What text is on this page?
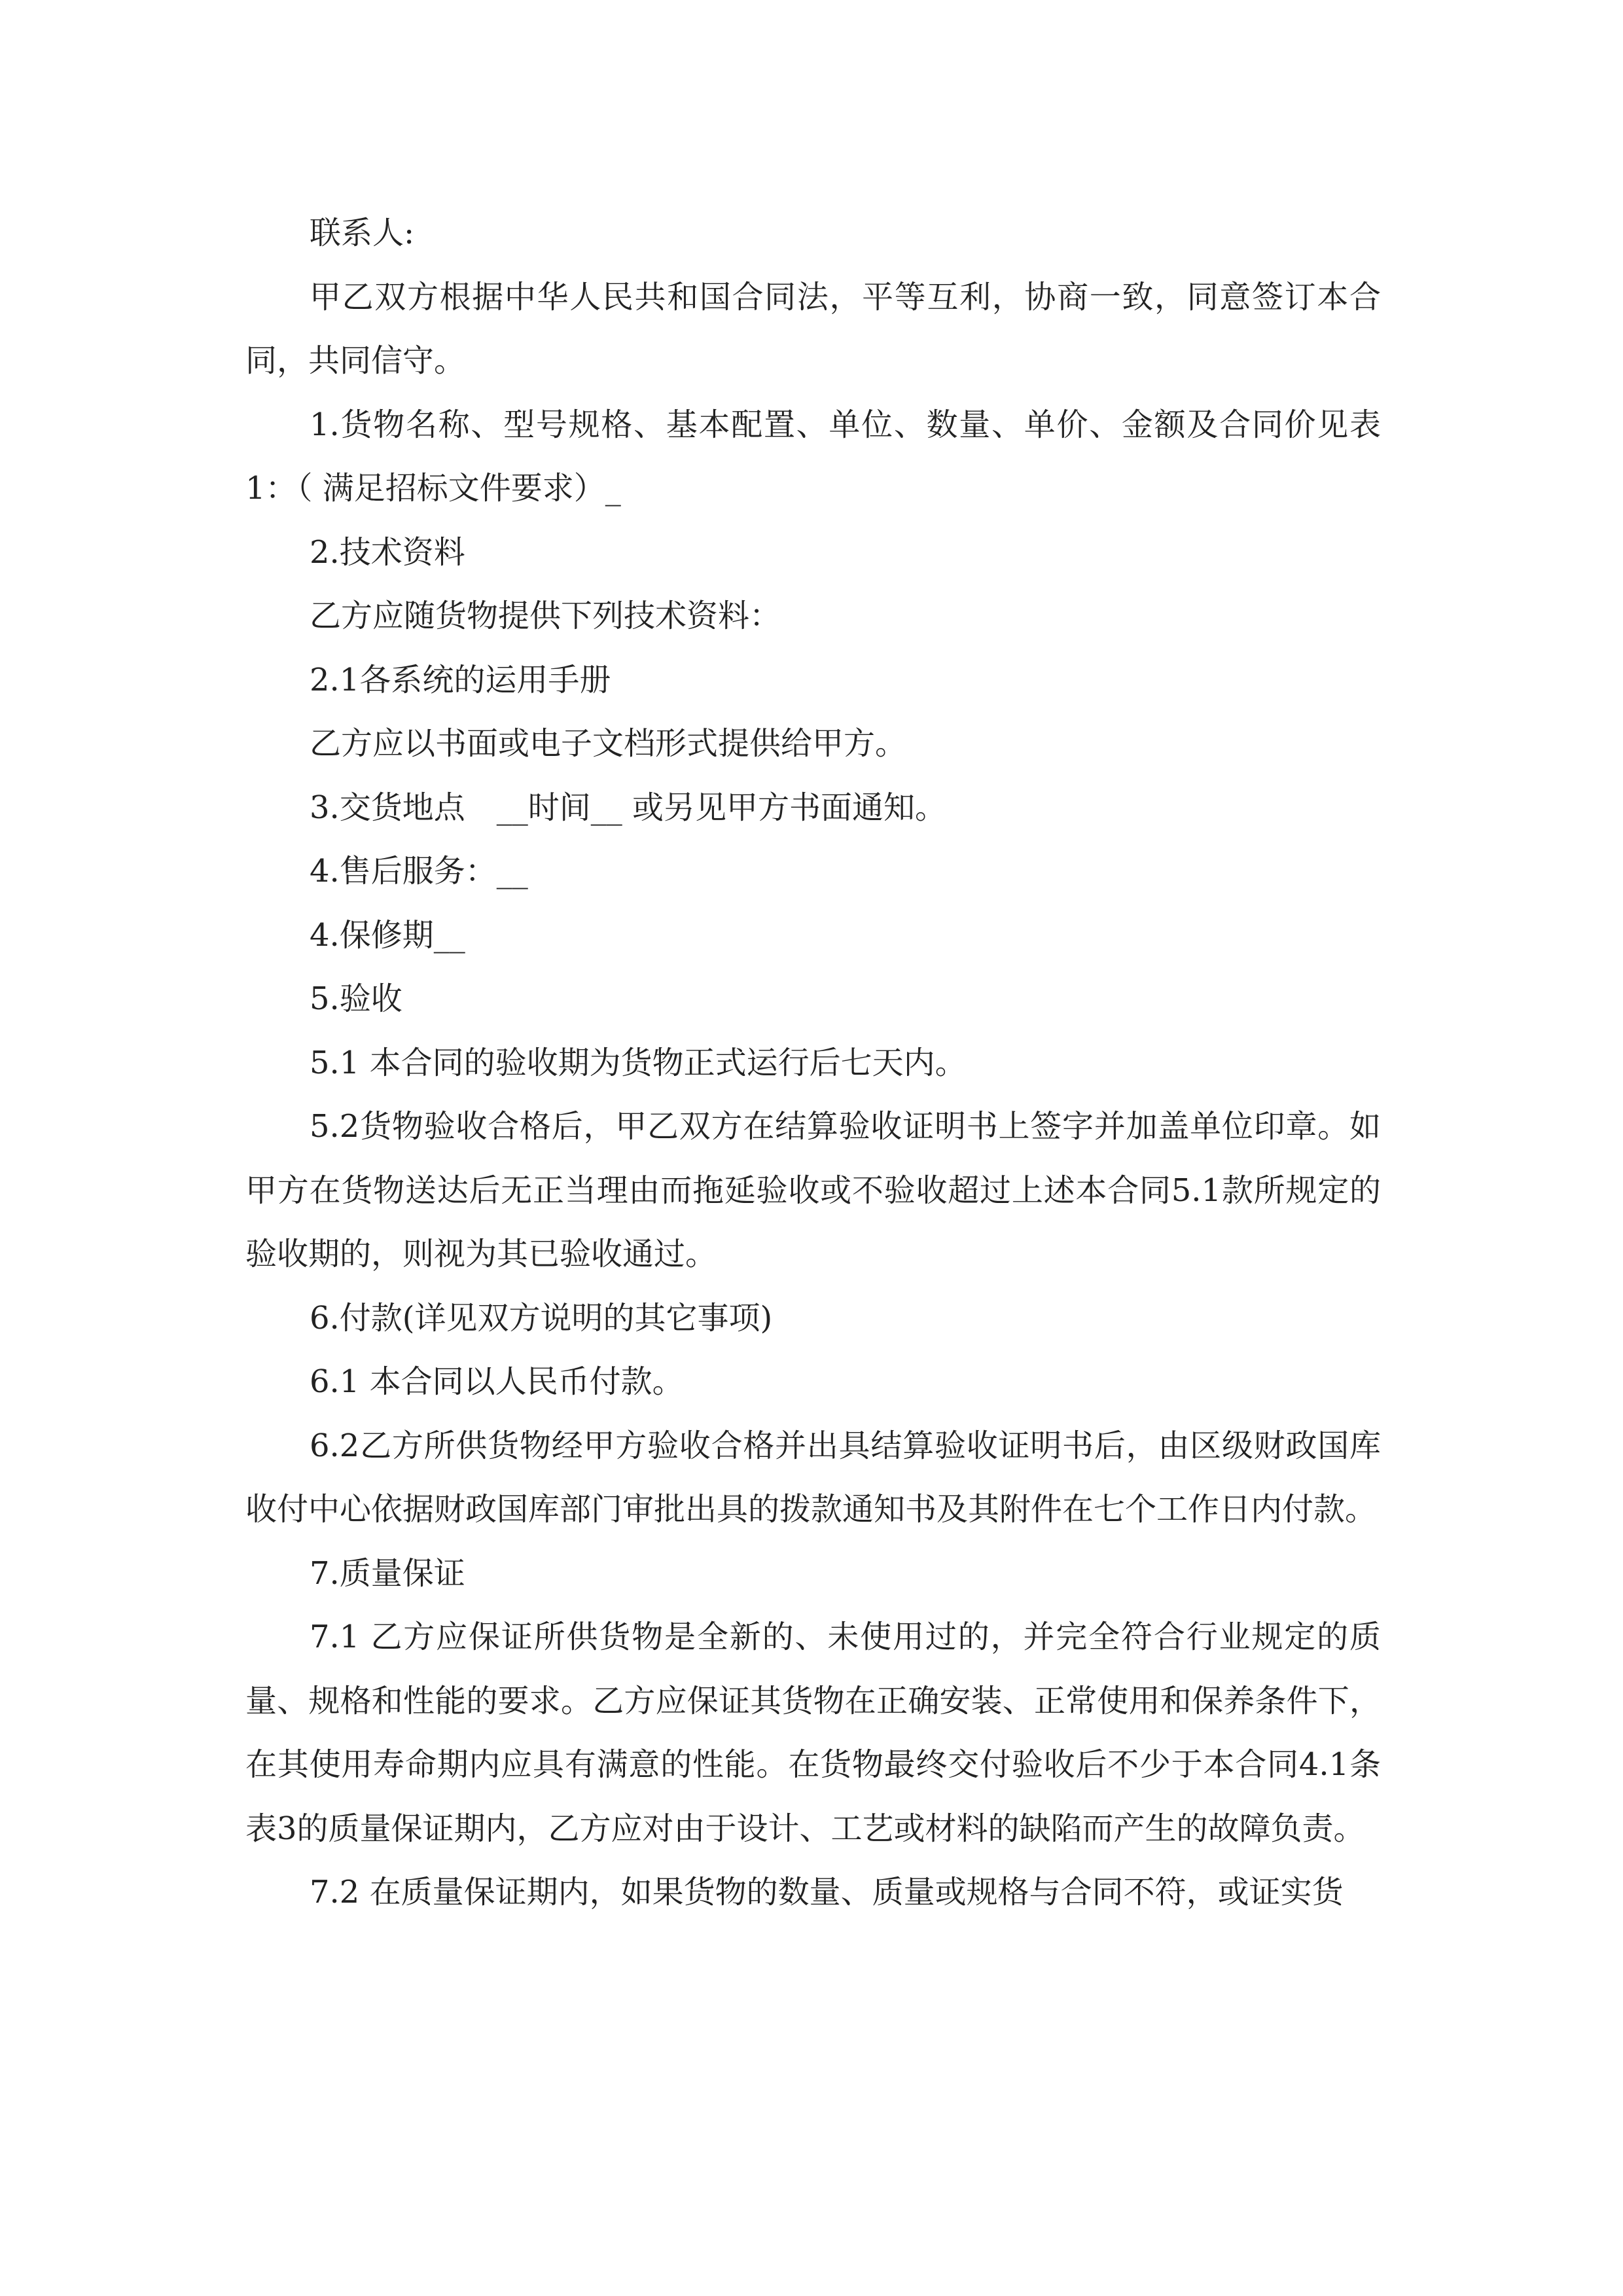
联系人:

甲乙双方根据中华人民共和国合同法，平等互利，协商一致，同意签订本合同，共同信守。

1.货物名称、型号规格、基本配置、单位、数量、单价、金额及合同价见表1：（ 满足招标文件要求）_

2.技术资料

乙方应随货物提供下列技术资料：

2.1各系统的运用手册

乙方应以书面或电子文档形式提供给甲方。

3.交货地点　__时间__ 或另见甲方书面通知。

4.售后服务：__

4.保修期__

5.验收

5.1 本合同的验收期为货物正式运行后七天内。

5.2货物验收合格后，甲乙双方在结算验收证明书上签字并加盖单位印章。如甲方在货物送达后无正当理由而拖延验收或不验收超过上述本合同5.1款所规定的验收期的，则视为其已验收通过。

6.付款(详见双方说明的其它事项)

6.1 本合同以人民币付款。

6.2乙方所供货物经甲方验收合格并出具结算验收证明书后，由区级财政国库收付中心依据财政国库部门审批出具的拨款通知书及其附件在七个工作日内付款。

7.质量保证

7.1 乙方应保证所供货物是全新的、未使用过的，并完全符合行业规定的质量、规格和性能的要求。乙方应保证其货物在正确安装、正常使用和保养条件下，在其使用寿命期内应具有满意的性能。在货物最终交付验收后不少于本合同4.1条表3的质量保证期内，乙方应对由于设计、工艺或材料的缺陷而产生的故障负责。

7.2 在质量保证期内，如果货物的数量、质量或规格与合同不符，或证实货
